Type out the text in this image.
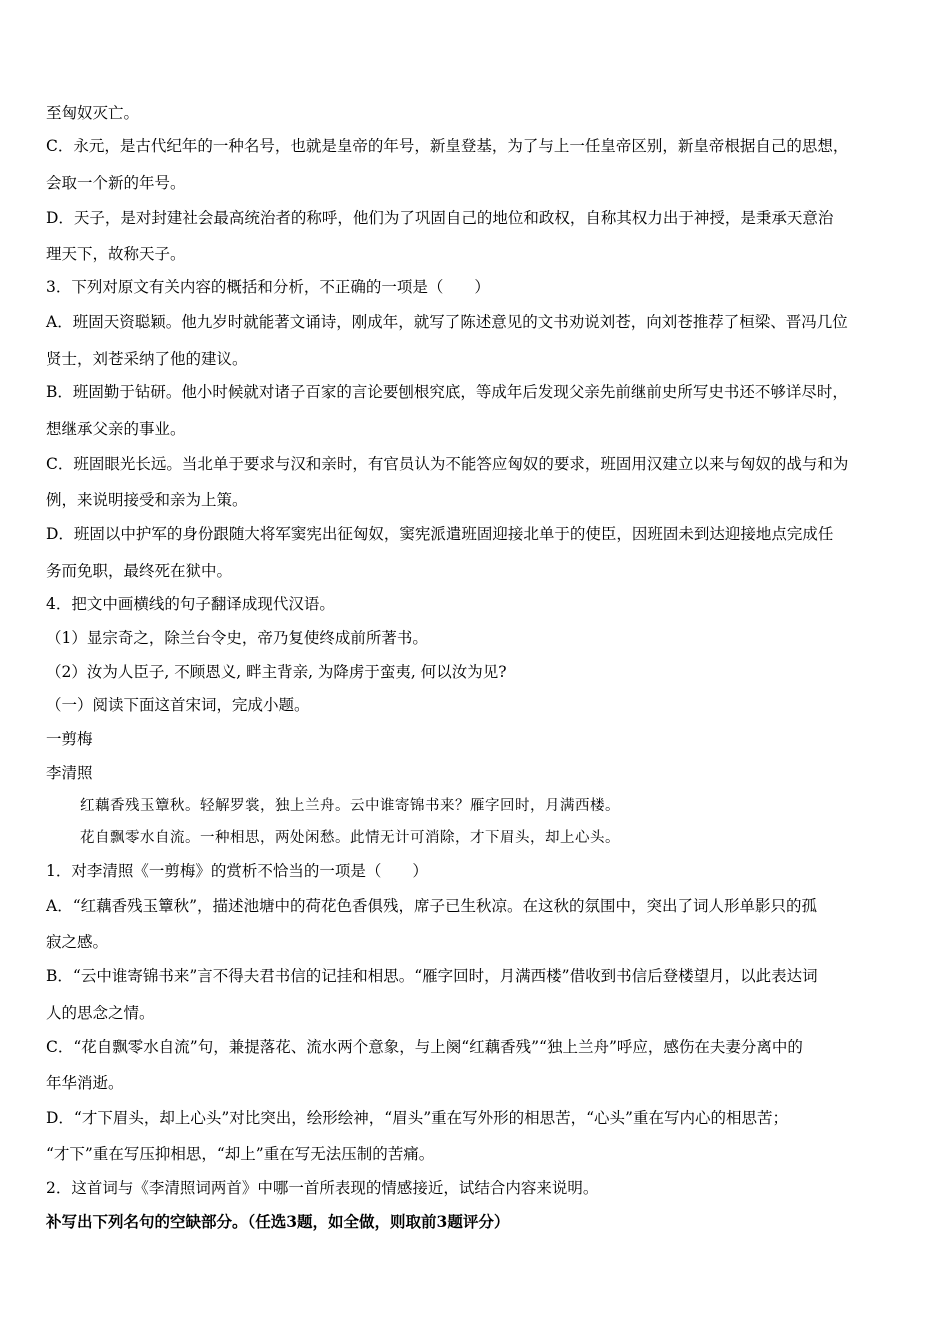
至匈奴灭亡。
C．永元，是古代纪年的一种名号，也就是皇帝的年号，新皇登基，为了与上一任皇帝区别，新皇帝根据自己的思想，
会取一个新的年号。
D．天子，是对封建社会最高统治者的称呼，他们为了巩固自己的地位和政权，自称其权力出于神授，是秉承天意治
理天下，故称天子。
3．下列对原文有关内容的概括和分析，不正确的一项是（　　）
A．班固天资聪颖。他九岁时就能著文诵诗，刚成年，就写了陈述意见的文书劝说刘苍，向刘苍推荐了桓梁、晋冯几位
贤士，刘苍采纳了他的建议。
B．班固勤于钻研。他小时候就对诸子百家的言论要刨根究底，等成年后发现父亲先前继前史所写史书还不够详尽时，
想继承父亲的事业。
C．班固眼光长远。当北单于要求与汉和亲时，有官员认为不能答应匈奴的要求，班固用汉建立以来与匈奴的战与和为
例，来说明接受和亲为上策。
D．班固以中护军的身份跟随大将军窦宪出征匈奴，窦宪派遣班固迎接北单于的使臣，因班固未到达迎接地点完成任
务而免职，最终死在狱中。
4．把文中画横线的句子翻译成现代汉语。
（1）显宗奇之，除兰台令史，帝乃复使终成前所著书。
（2）汝为人臣子, 不顾恩义, 畔主背亲, 为降虏于蛮夷, 何以汝为见?
（一）阅读下面这首宋词，完成小题。
一剪梅
李清照
红藕香残玉簟秋。轻解罗裳，独上兰舟。云中谁寄锦书来？雁字回时，月满西楼。
花自飘零水自流。一种相思，两处闲愁。此情无计可消除，才下眉头，却上心头。
1．对李清照《一剪梅》的赏析不恰当的一项是（　　）
A．“红藕香残玉簟秋”，描述池塘中的荷花色香俱残，席子已生秋凉。在这秋的氛围中，突出了词人形单影只的孤
寂之感。
B．“云中谁寄锦书来”言不得夫君书信的记挂和相思。“雁字回时，月满西楼”借收到书信后登楼望月，以此表达词
人的思念之情。
C．“花自飘零水自流”句，兼提落花、流水两个意象，与上阕“红藕香残”“独上兰舟”呼应，感伤在夫妻分离中的
年华消逝。
D．“才下眉头，却上心头”对比突出，绘形绘神，“眉头”重在写外形的相思苦，“心头”重在写内心的相思苦；
“才下”重在写压抑相思，“却上”重在写无法压制的苦痛。
2．这首词与《李清照词两首》中哪一首所表现的情感接近，试结合内容来说明。
补写出下列名句的空缺部分。（任选3题，如全做，则取前3题评分）
